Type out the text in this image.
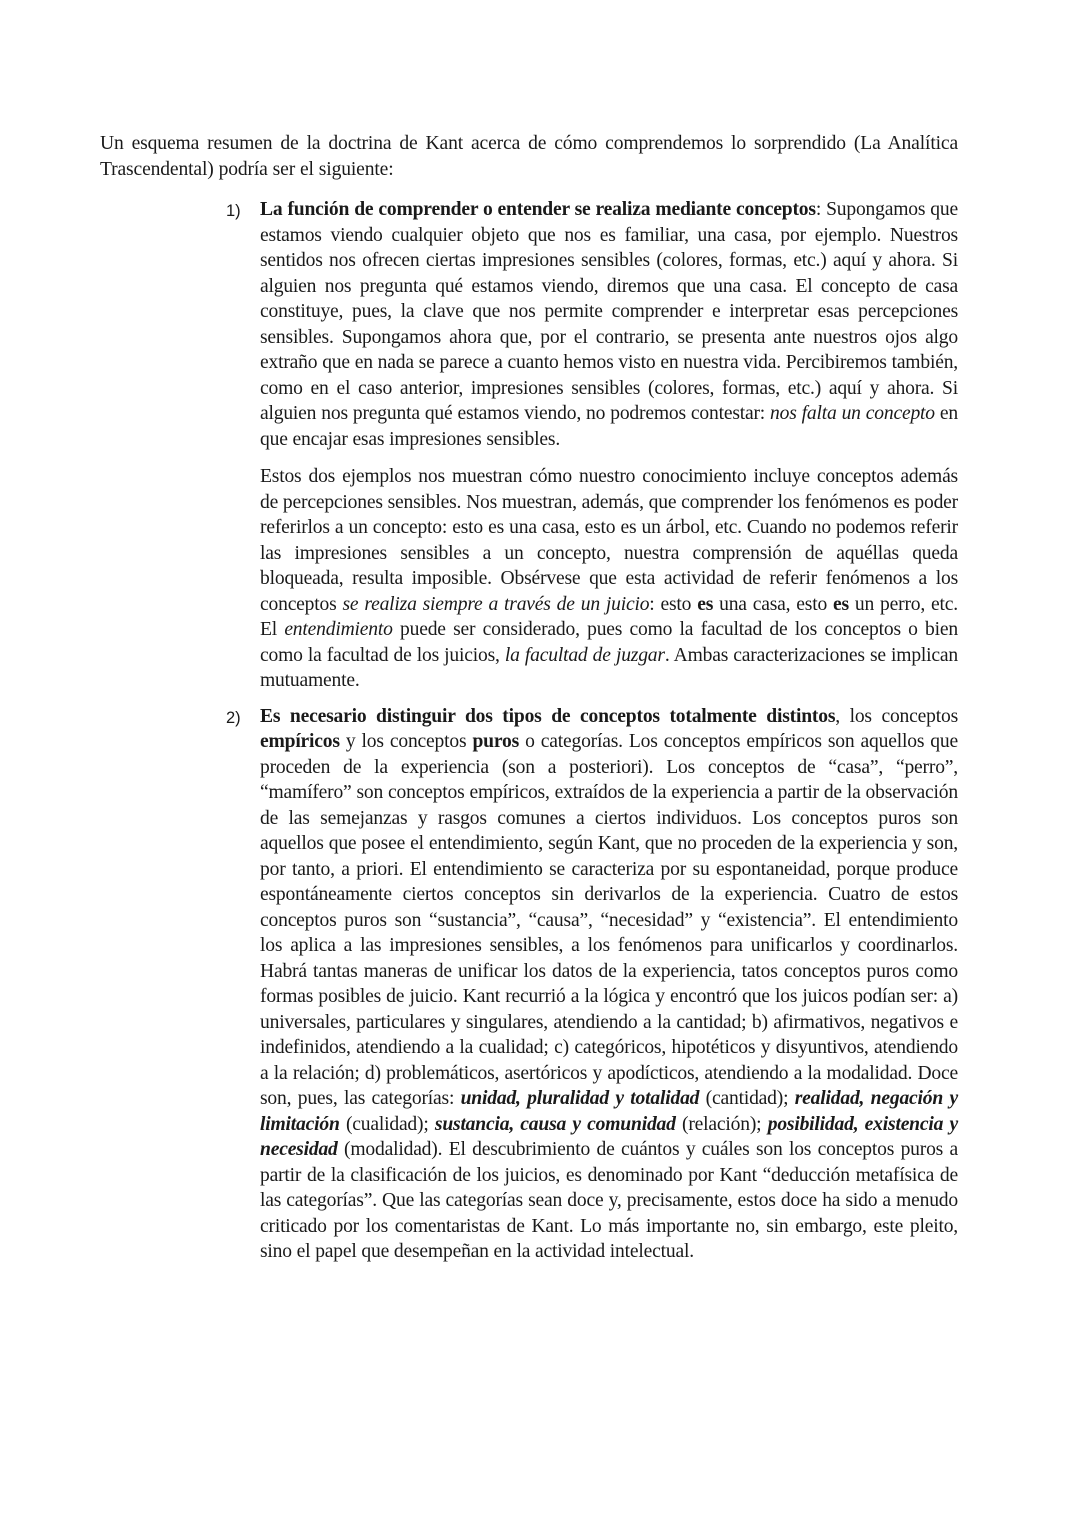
Un esquema resumen de la doctrina de Kant acerca de cómo comprendemos lo sorprendido (La Analítica Trascendental) podría ser el siguiente:

1) La función de comprender o entender se realiza mediante conceptos: Supongamos que estamos viendo cualquier objeto que nos es familiar, una casa, por ejemplo. Nuestros sentidos nos ofrecen ciertas impresiones sensibles (colores, formas, etc.) aquí y ahora. Si alguien nos pregunta qué estamos viendo, diremos que una casa. El concepto de casa constituye, pues, la clave que nos permite comprender e interpretar esas percepciones sensibles. Supongamos ahora que, por el contrario, se presenta ante nuestros ojos algo extraño que en nada se parece a cuanto hemos visto en nuestra vida. Percibiremos también, como en el caso anterior, impresiones sensibles (colores, formas, etc.) aquí y ahora. Si alguien nos pregunta qué estamos viendo, no podremos contestar: nos falta un concepto en que encajar esas impresiones sensibles.

Estos dos ejemplos nos muestran cómo nuestro conocimiento incluye conceptos además de percepciones sensibles. Nos muestran, además, que comprender los fenómenos es poder referirlos a un concepto: esto es una casa, esto es un árbol, etc. Cuando no podemos referir las impresiones sensibles a un concepto, nuestra comprensión de aquéllas queda bloqueada, resulta imposible. Obsérvese que esta actividad de referir fenómenos a los conceptos se realiza siempre a través de un juicio: esto es una casa, esto es un perro, etc. El entendimiento puede ser considerado, pues como la facultad de los conceptos o bien como la facultad de los juicios, la facultad de juzgar. Ambas caracterizaciones se implican mutuamente.

2) Es necesario distinguir dos tipos de conceptos totalmente distintos, los conceptos empíricos y los conceptos puros o categorías. Los conceptos empíricos son aquellos que proceden de la experiencia (son a posteriori). Los conceptos de “casa”, “perro”, “mamífero” son conceptos empíricos, extraídos de la experiencia a partir de la observación de las semejanzas y rasgos comunes a ciertos individuos. Los conceptos puros son aquellos que posee el entendimiento, según Kant, que no proceden de la experiencia y son, por tanto, a priori. El entendimiento se caracteriza por su espontaneidad, porque produce espontáneamente ciertos conceptos sin derivarlos de la experiencia. Cuatro de estos conceptos puros son “sustancia”, “causa”, “necesidad” y “existencia”. El entendimiento los aplica a las impresiones sensibles, a los fenómenos para unificarlos y coordinarlos. Habrá tantas maneras de unificar los datos de la experiencia, tatos conceptos puros como formas posibles de juicio. Kant recurrió a la lógica y encontró que los juicos podían ser: a) universales, particulares y singulares, atendiendo a la cantidad; b) afirmativos, negativos e indefinidos, atendiendo a la cualidad; c) categóricos, hipotéticos y disyuntivos, atendiendo a la relación; d) problemáticos, asertóricos y apodícticos, atendiendo a la modalidad. Doce son, pues, las categorías: unidad, pluralidad y totalidad (cantidad); realidad, negación y limitación (cualidad); sustancia, causa y comunidad (relación); posibilidad, existencia y necesidad (modalidad). El descubrimiento de cuántos y cuáles son los conceptos puros a partir de la clasificación de los juicios, es denominado por Kant “deducción metafísica de las categorías”. Que las categorías sean doce y, precisamente, estos doce ha sido a menudo criticado por los comentaristas de Kant. Lo más importante no, sin embargo, este pleito, sino el papel que desempeñan en la actividad intelectual.
